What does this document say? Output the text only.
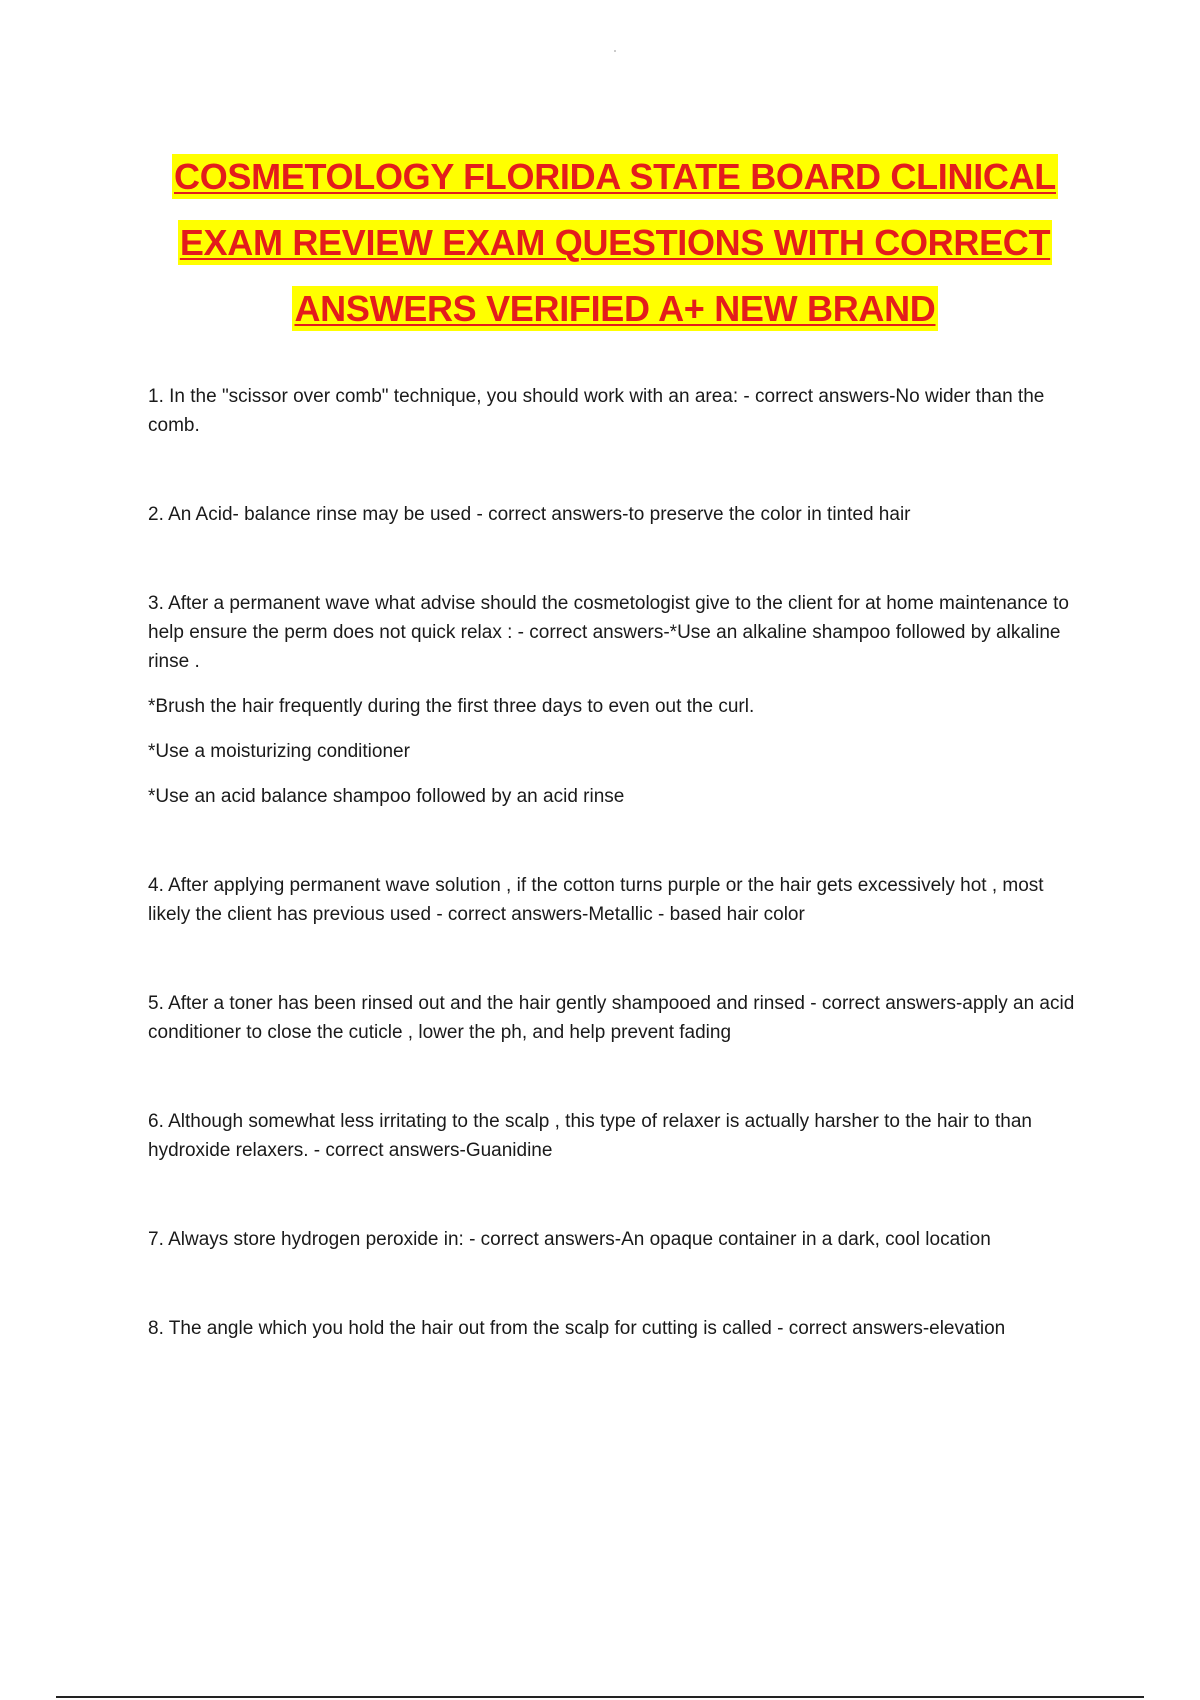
COSMETOLOGY FLORIDA STATE BOARD CLINICAL
EXAM REVIEW EXAM QUESTIONS WITH CORRECT
ANSWERS VERIFIED A+ NEW BRAND

1. In the "scissor over comb" technique, you should work with an area: - correct answers-No wider than the comb.

2. An Acid- balance rinse may be used - correct answers-to preserve the color in tinted hair

3. After a permanent wave what advise should the cosmetologist give to the client for at home maintenance to help ensure the perm does not quick relax : - correct answers-*Use an alkaline shampoo followed by alkaline rinse .

*Brush the hair frequently during the first three days to even out the curl.

*Use a moisturizing conditioner

*Use an acid balance shampoo followed by an acid rinse

4. After applying permanent wave solution , if the cotton turns purple or the hair gets excessively hot , most likely the client has previous used - correct answers-Metallic - based hair color

5. After a toner has been rinsed out and the hair gently shampooed and rinsed - correct answers-apply an acid conditioner to close the cuticle , lower the ph, and help prevent fading

6. Although somewhat less irritating to the scalp , this type of relaxer is actually harsher to the hair to than hydroxide relaxers. - correct answers-Guanidine

7. Always store hydrogen peroxide in: - correct answers-An opaque container in a dark, cool location

8. The angle which you hold the hair out from the scalp for cutting is called - correct answers-elevation
